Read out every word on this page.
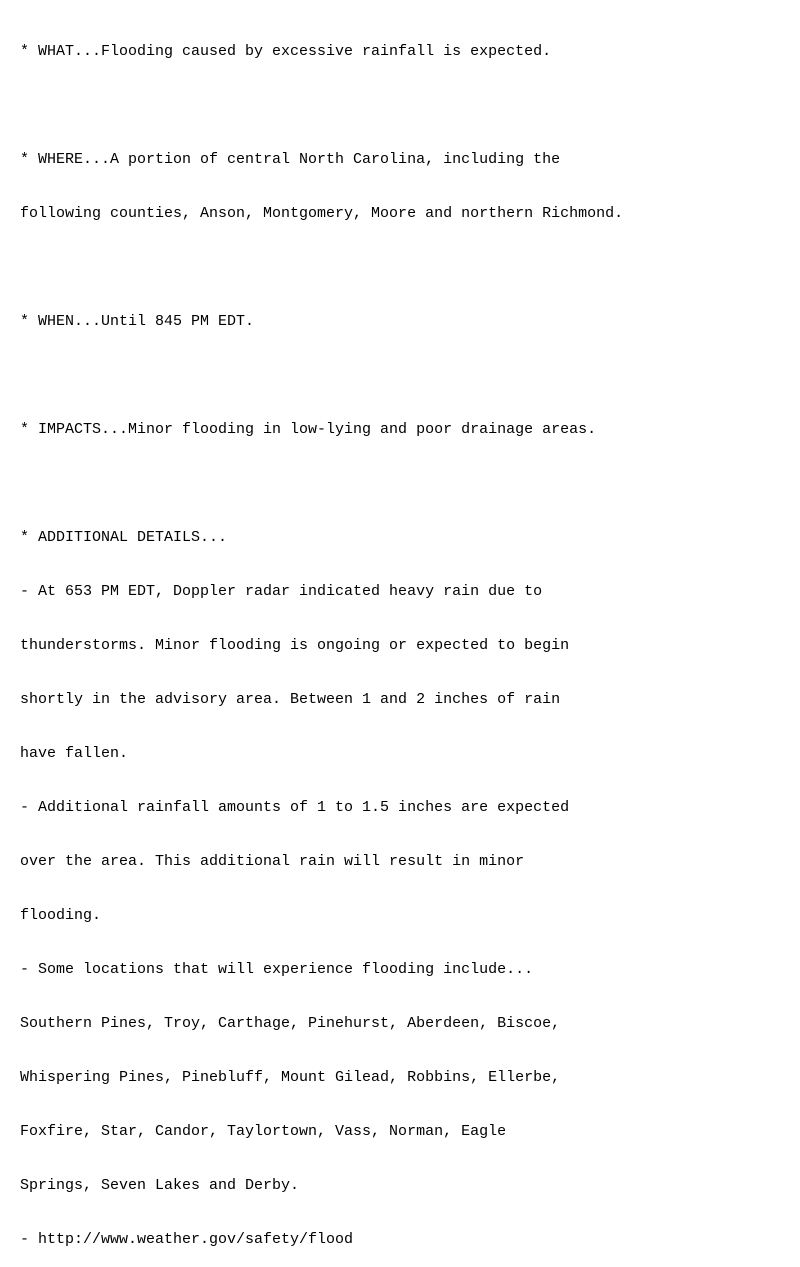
* WHAT...Flooding caused by excessive rainfall is expected.

* WHERE...A portion of central North Carolina, including the

following counties, Anson, Montgomery, Moore and northern Richmond.

* WHEN...Until 845 PM EDT.

* IMPACTS...Minor flooding in low-lying and poor drainage areas.

* ADDITIONAL DETAILS...

- At 653 PM EDT, Doppler radar indicated heavy rain due to

thunderstorms. Minor flooding is ongoing or expected to begin

shortly in the advisory area. Between 1 and 2 inches of rain

have fallen.

- Additional rainfall amounts of 1 to 1.5 inches are expected

over the area. This additional rain will result in minor

flooding.

- Some locations that will experience flooding include...

Southern Pines, Troy, Carthage, Pinehurst, Aberdeen, Biscoe,

Whispering Pines, Pinebluff, Mount Gilead, Robbins, Ellerbe,

Foxfire, Star, Candor, Taylortown, Vass, Norman, Eagle

Springs, Seven Lakes and Derby.

- http://www.weather.gov/safety/flood
